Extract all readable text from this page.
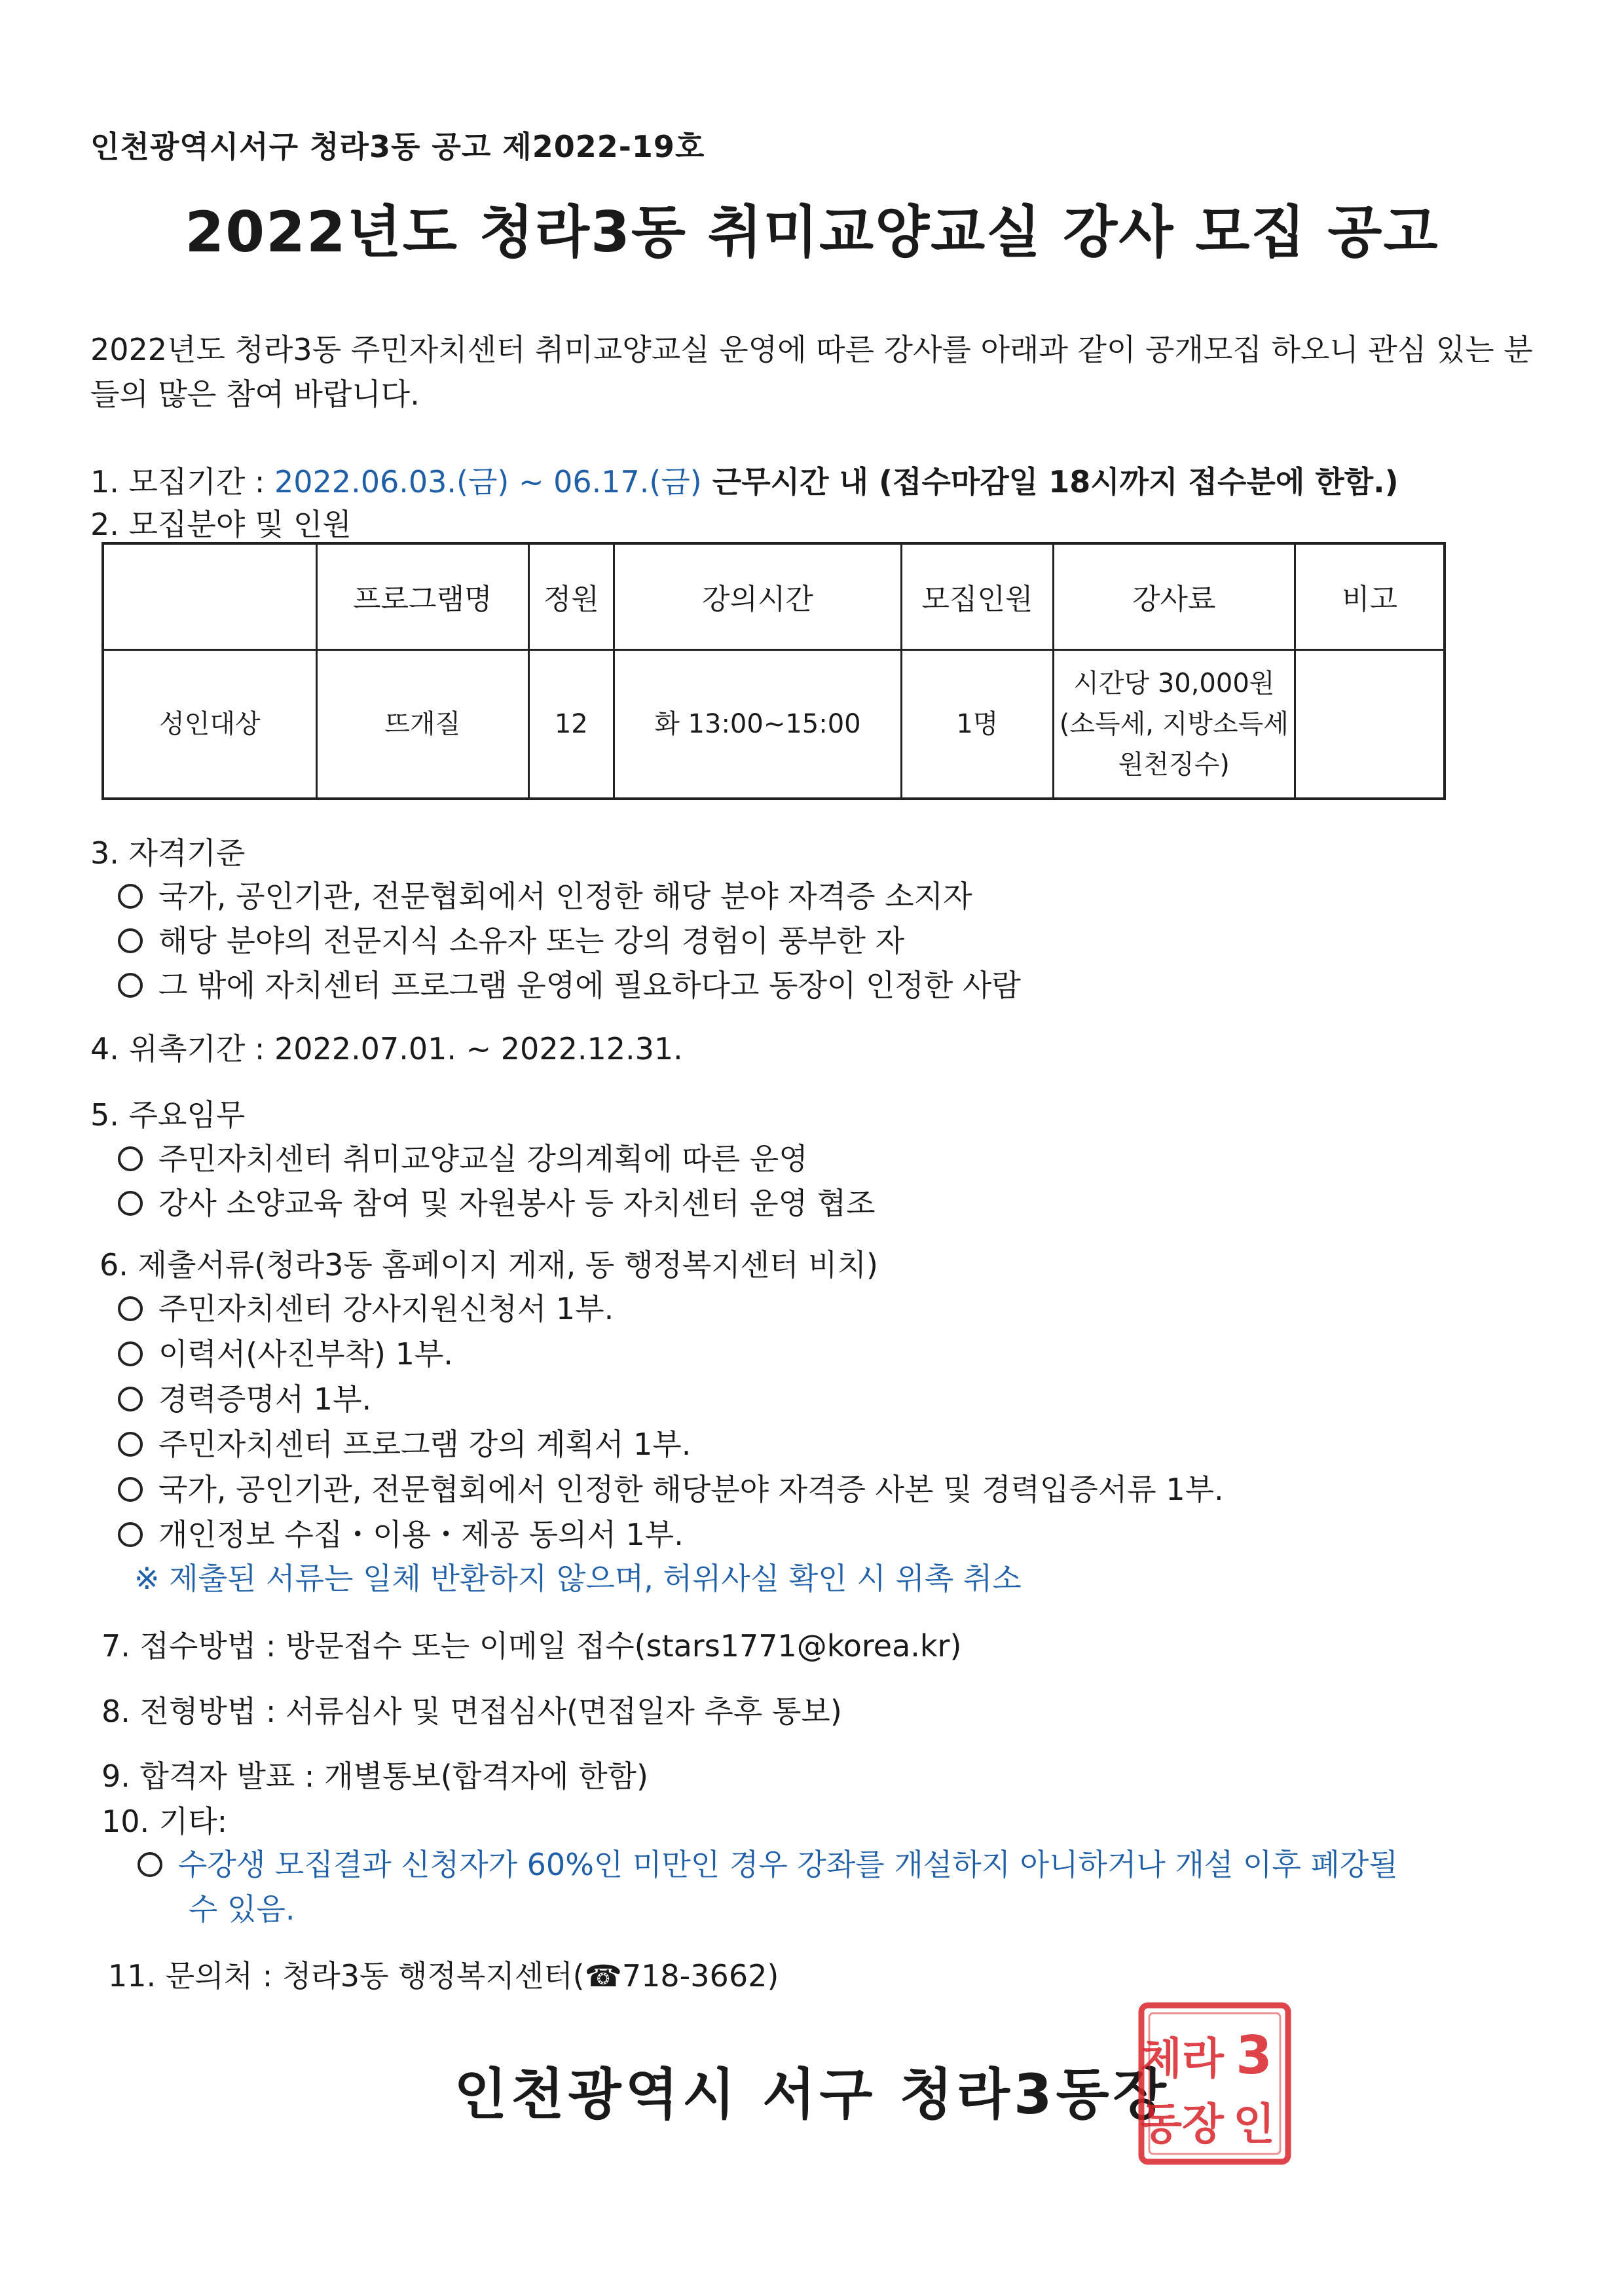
인천광역시서구 청라3동 공고 제2022-19호
2022년도 청라3동 취미교양교실 강사 모집 공고
2022년도 청라3동 주민자치센터 취미교양교실 운영에 따른 강사를 아래과 같이 공개모집 하오니 관심 있는 분들의 많은 참여 바랍니다.
1. 모집기간 : 2022.06.03.(금) ~ 06.17.(금) 근무시간 내 (접수마감일 18시까지 접수분에 한함.)
2. 모집분야 및 인원
	프로그램명	정원	강의시간	모집인원	강사료	비고
성인대상	뜨개질	12	화 13:00~15:00	1명	시간당 30,000원
(소득세, 지방소득세
원천징수)	

3. 자격기준
국가, 공인기관, 전문협회에서 인정한 해당 분야 자격증 소지자
해당 분야의 전문지식 소유자 또는 강의 경험이 풍부한 자
그 밖에 자치센터 프로그램 운영에 필요하다고 동장이 인정한 사람
4. 위촉기간 : 2022.07.01. ~ 2022.12.31.
5. 주요임무
주민자치센터 취미교양교실 강의계획에 따른 운영
강사 소양교육 참여 및 자원봉사 등 자치센터 운영 협조
6. 제출서류(청라3동 홈페이지 게재, 동 행정복지센터 비치)
주민자치센터 강사지원신청서 1부.
이력서(사진부착) 1부.
경력증명서 1부.
주민자치센터 프로그램 강의 계획서 1부.
국가, 공인기관, 전문협회에서 인정한 해당분야 자격증 사본 및 경력입증서류 1부.
개인정보 수집・이용・제공 동의서 1부.
※ 제출된 서류는 일체 반환하지 않으며, 허위사실 확인 시 위촉 취소
7. 접수방법 : 방문접수 또는 이메일 접수(stars1771@korea.kr)
8. 전형방법 : 서류심사 및 면접심사(면접일자 추후 통보)
9. 합격자 발표 : 개별통보(합격자에 한함)
10. 기타:
수강생 모집결과 신청자가 60%인 미만인 경우 강좌를 개설하지 아니하거나 개설 이후 폐강될
수 있음.
11. 문의처 : 청라3동 행정복지센터(☎718-3662)
인천광역시 서구 청라3동장
체라 3
동장 인
